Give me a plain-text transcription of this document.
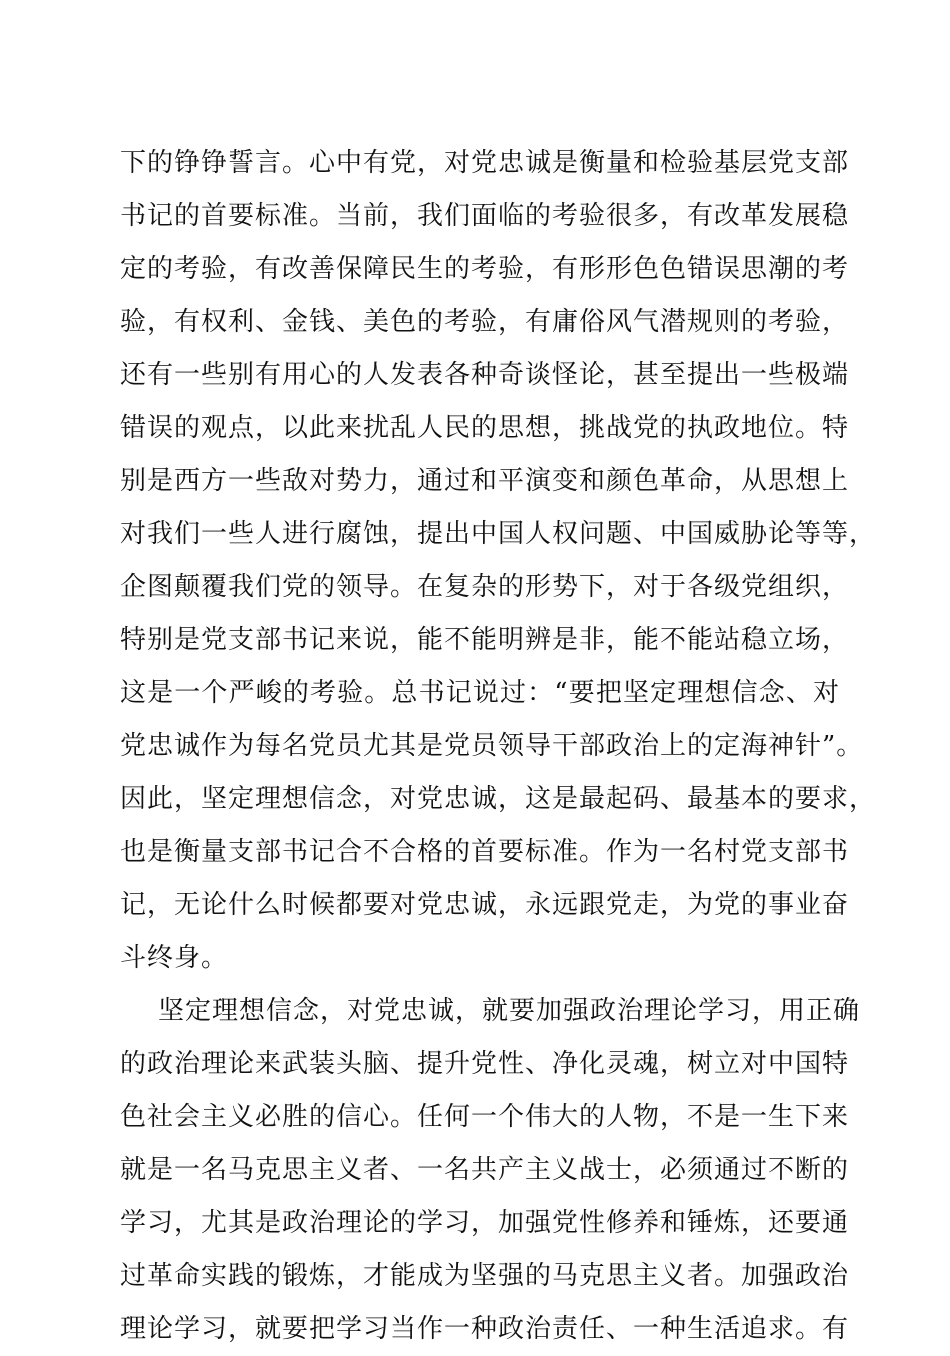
下的铮铮誓言。心中有党，对党忠诚是衡量和检验基层党支部
书记的首要标准。当前，我们面临的考验很多，有改革发展稳
定的考验，有改善保障民生的考验，有形形色色错误思潮的考
验，有权利、金钱、美色的考验，有庸俗风气潜规则的考验，
还有一些别有用心的人发表各种奇谈怪论，甚至提出一些极端
错误的观点，以此来扰乱人民的思想，挑战党的执政地位。特
别是西方一些敌对势力，通过和平演变和颜色革命，从思想上
对我们一些人进行腐蚀，提出中国人权问题、中国威胁论等等，
企图颠覆我们党的领导。在复杂的形势下，对于各级党组织，
特别是党支部书记来说，能不能明辨是非，能不能站稳立场，
这是一个严峻的考验。总书记说过：“要把坚定理想信念、对
党忠诚作为每名党员尤其是党员领导干部政治上的定海神针”。
因此，坚定理想信念，对党忠诚，这是最起码、最基本的要求，
也是衡量支部书记合不合格的首要标准。作为一名村党支部书
记，无论什么时候都要对党忠诚，永远跟党走，为党的事业奋
斗终身。
坚定理想信念，对党忠诚，就要加强政治理论学习，用正确
的政治理论来武装头脑、提升党性、净化灵魂，树立对中国特
色社会主义必胜的信心。任何一个伟大的人物，不是一生下来
就是一名马克思主义者、一名共产主义战士，必须通过不断的
学习，尤其是政治理论的学习，加强党性修养和锤炼，还要通
过革命实践的锻炼，才能成为坚强的马克思主义者。加强政治
理论学习，就要把学习当作一种政治责任、一种生活追求。有
